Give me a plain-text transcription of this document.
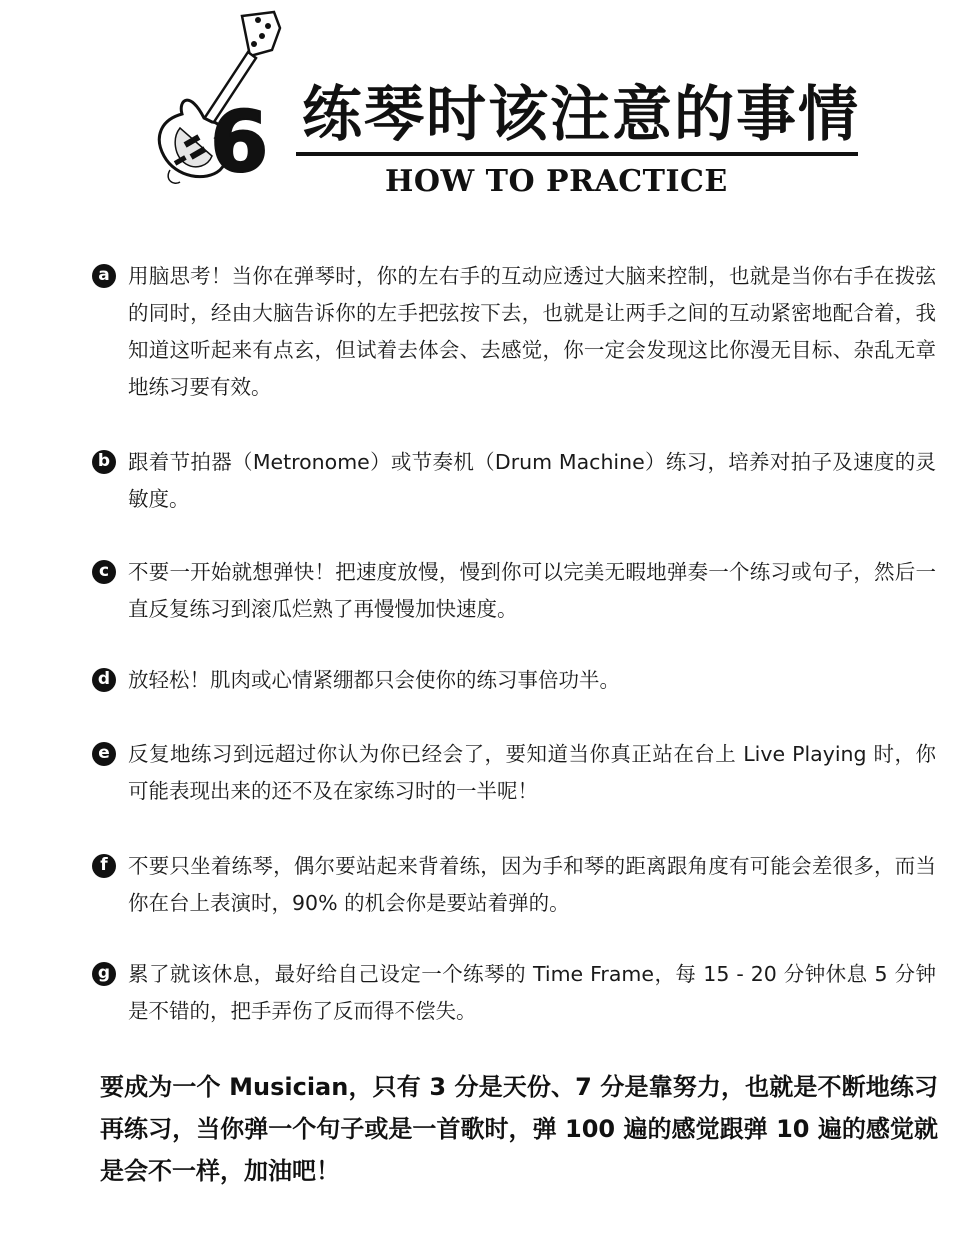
6 练琴时该注意的事情
HOW TO PRACTICE
a 用脑思考！当你在弹琴时，你的左右手的互动应透过大脑来控制，也就是当你右手在拨弦的同时，经由大脑告诉你的左手把弦按下去，也就是让两手之间的互动紧密地配合着，我知道这听起来有点玄，但试着去体会、去感觉，你一定会发现这比你漫无目标、杂乱无章地练习要有效。
b 跟着节拍器（Metronome）或节奏机（Drum Machine）练习，培养对拍子及速度的灵敏度。
c 不要一开始就想弹快！把速度放慢，慢到你可以完美无暇地弹奏一个练习或句子，然后一直反复练习到滚瓜烂熟了再慢慢加快速度。
d 放轻松！肌肉或心情紧绷都只会使你的练习事倍功半。
e 反复地练习到远超过你认为你已经会了，要知道当你真正站在台上 Live Playing 时，你可能表现出来的还不及在家练习时的一半呢！
f 不要只坐着练琴，偶尔要站起来背着练，因为手和琴的距离跟角度有可能会差很多，而当你在台上表演时，90% 的机会你是要站着弹的。
g 累了就该休息，最好给自己设定一个练琴的 Time Frame，每 15 - 20 分钟休息 5 分钟是不错的，把手弄伤了反而得不偿失。
要成为一个 Musician，只有 3 分是天份、7 分是靠努力，也就是不断地练习再练习，当你弹一个句子或是一首歌时，弹 100 遍的感觉跟弹 10 遍的感觉就是会不一样，加油吧！
